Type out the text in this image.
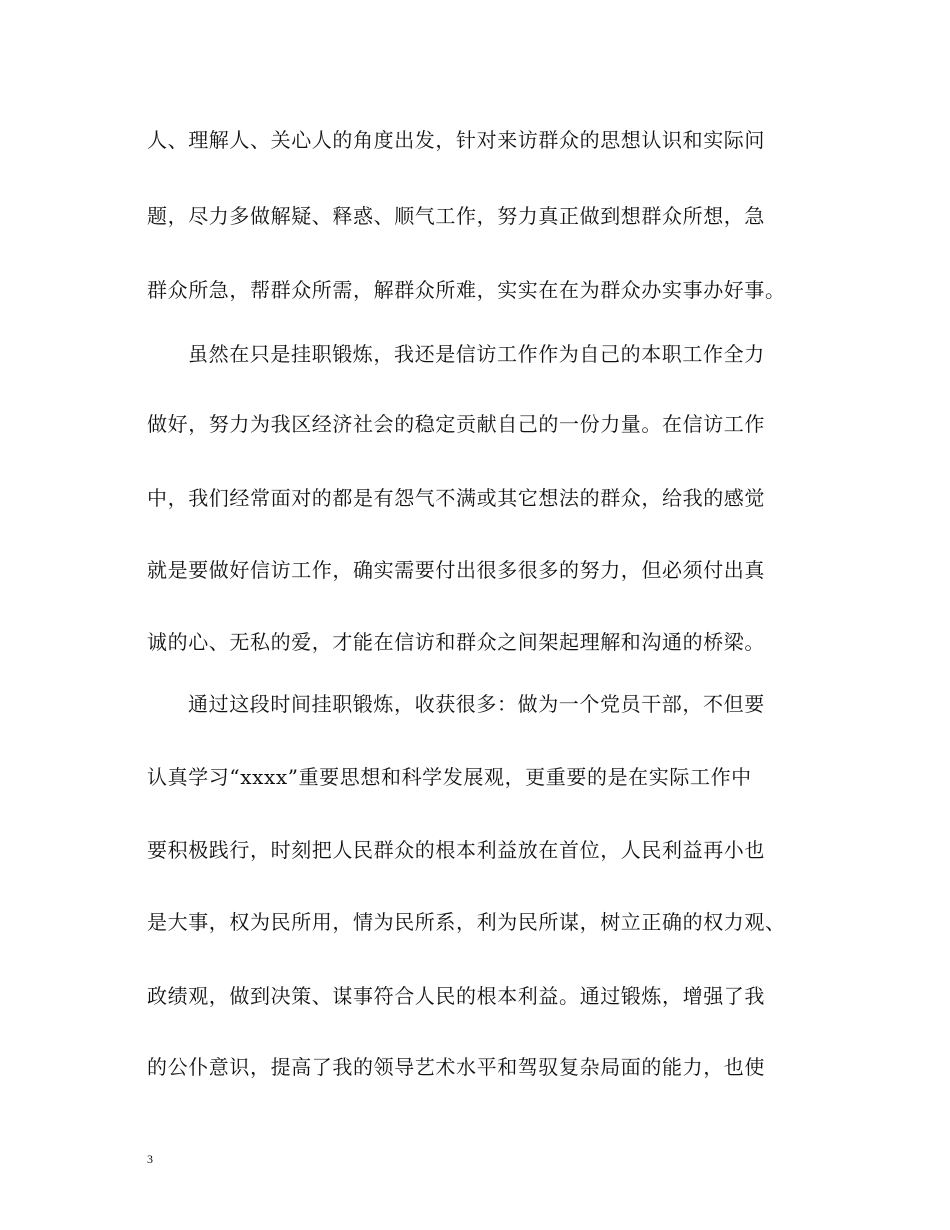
人、理解人、关心人的角度出发，针对来访群众的思想认识和实际问
题，尽力多做解疑、释惑、顺气工作，努力真正做到想群众所想，急
群众所急，帮群众所需，解群众所难，实实在在为群众办实事办好事。
虽然在只是挂职锻炼，我还是信访工作作为自己的本职工作全力
做好，努力为我区经济社会的稳定贡献自己的一份力量。在信访工作
中，我们经常面对的都是有怨气不满或其它想法的群众，给我的感觉
就是要做好信访工作，确实需要付出很多很多的努力，但必须付出真
诚的心、无私的爱，才能在信访和群众之间架起理解和沟通的桥梁。
通过这段时间挂职锻炼，收获很多：做为一个党员干部，不但要
认真学习“xxxx”重要思想和科学发展观，更重要的是在实际工作中
要积极践行，时刻把人民群众的根本利益放在首位，人民利益再小也
是大事，权为民所用，情为民所系，利为民所谋，树立正确的权力观、
政绩观，做到决策、谋事符合人民的根本利益。通过锻炼，增强了我
的公仆意识，提高了我的领导艺术水平和驾驭复杂局面的能力，也使
3
